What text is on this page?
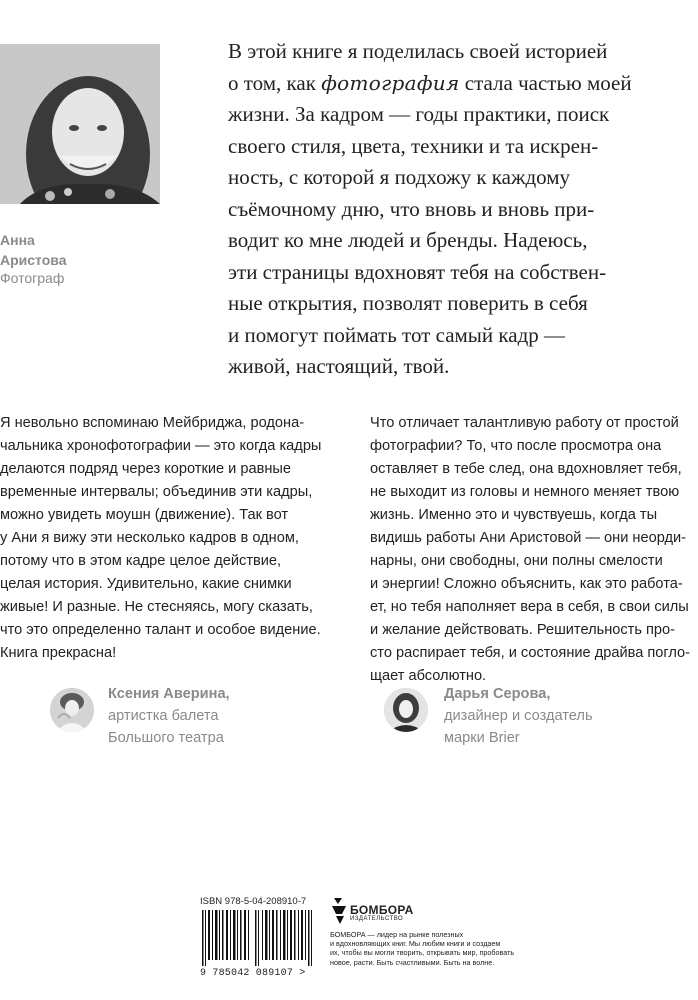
Анна
Аристова
Фотограф
В этой книге я поделилась своей историей
о том, как фотография стала частью моей
жизни. За кадром — годы практики, поиск
своего стиля, цвета, техники и та искрен-
ность, с которой я подхожу к каждому
съёмочному дню, что вновь и вновь при-
водит ко мне людей и бренды. Надеюсь,
эти страницы вдохновят тебя на собствен-
ные открытия, позволят поверить в себя
и помогут поймать тот самый кадр —
живой, настоящий, твой.
Я невольно вспоминаю Мейбриджа, родона-
чальника хронофотографии — это когда кадры
делаются подряд через короткие и равные
временные интервалы; объединив эти кадры,
можно увидеть моушн (движение). Так вот
у Ани я вижу эти несколько кадров в одном,
потому что в этом кадре целое действие,
целая история. Удивительно, какие снимки
живые! И разные. Не стесняясь, могу сказать,
что это определенно талант и особое видение.
Книга прекрасна!
Что отличает талантливую работу от простой
фотографии? То, что после просмотра она
оставляет в тебе след, она вдохновляет тебя,
не выходит из головы и немного меняет твою
жизнь. Именно это и чувствуешь, когда ты
видишь работы Ани Аристовой — они неорди-
нарны, они свободны, они полны смелости
и энергии! Сложно объяснить, как это работа-
ет, но тебя наполняет вера в себя, в свои силы
и желание действовать. Решительность про-
сто распирает тебя, и состояние драйва погло-
щает абсолютно.
Ксения Аверина,
артистка балета
Большого театра
Дарья Серова,
дизайнер и создатель
марки Brier
ISBN 978-5-04-208910-7
9 785042 089107 >
БОМБОРА
ИЗДАТЕЛЬСТВО
БОМБОРА — лидер на рынке полезных
и вдохновляющих книг. Мы любим книги и создаем
их, чтобы вы могли творить, открывать мир, пробовать
новое, расти. Быть счастливыми. Быть на волне.
